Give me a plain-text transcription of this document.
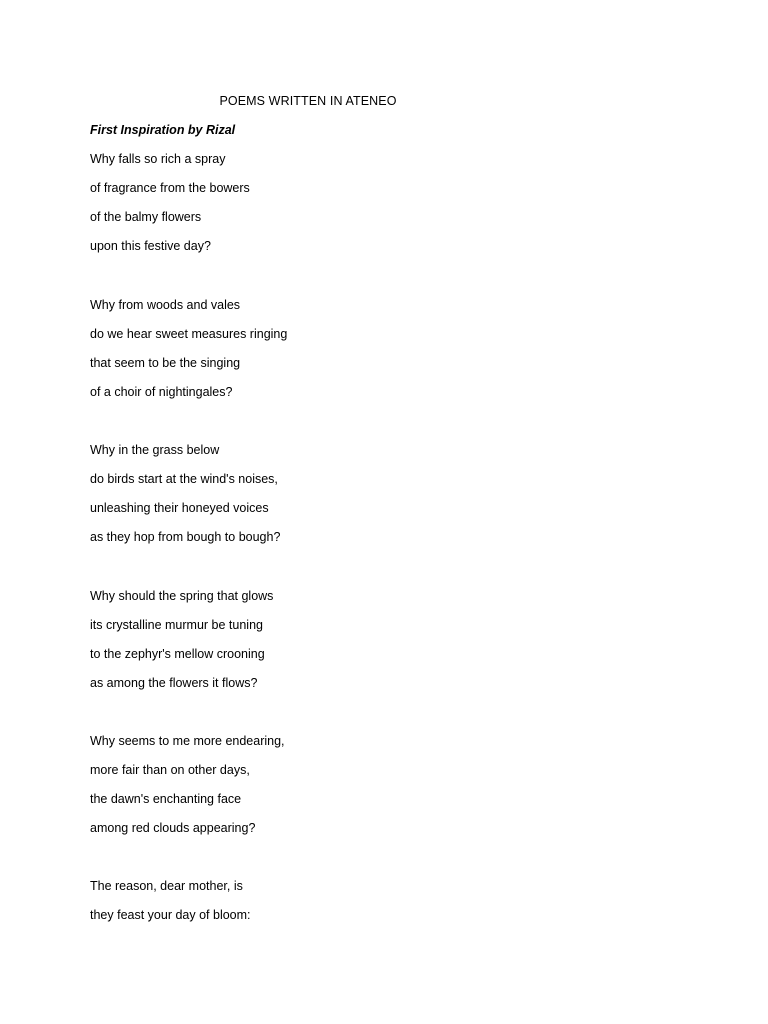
POEMS WRITTEN IN ATENEO
First Inspiration by Rizal
Why falls so rich a spray
of fragrance from the bowers
of the balmy flowers
upon this festive day?
Why from woods and vales
do we hear sweet measures ringing
that seem to be the singing
of a choir of nightingales?
Why in the grass below
do birds start at the wind's noises,
unleashing their honeyed voices
as they hop from bough to bough?
Why should the spring that glows
its crystalline murmur be tuning
to the zephyr's mellow crooning
as among the flowers it flows?
Why seems to me more endearing,
more fair than on other days,
the dawn's enchanting face
among red clouds appearing?
The reason, dear mother, is
they feast your day of bloom:
